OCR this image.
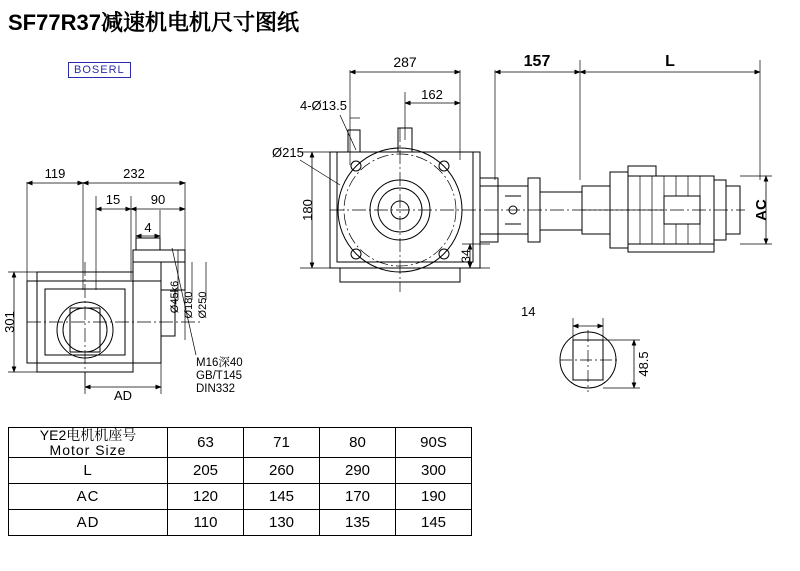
SF77R37减速机电机尺寸图纸
BOSERL
119	232
15 90
4
301
AD
Ø45k6 Ø180 Ø250
M16深40
GB/T145
DIN332
287
162
4-Ø13.5
Ø215
180
34
157	L
AC
14
48.5
YE2电机机座号
Motor Size	63	71	80	90S
L	205	260	290	300
AC	120	145	170	190
AD	110	130	135	145
